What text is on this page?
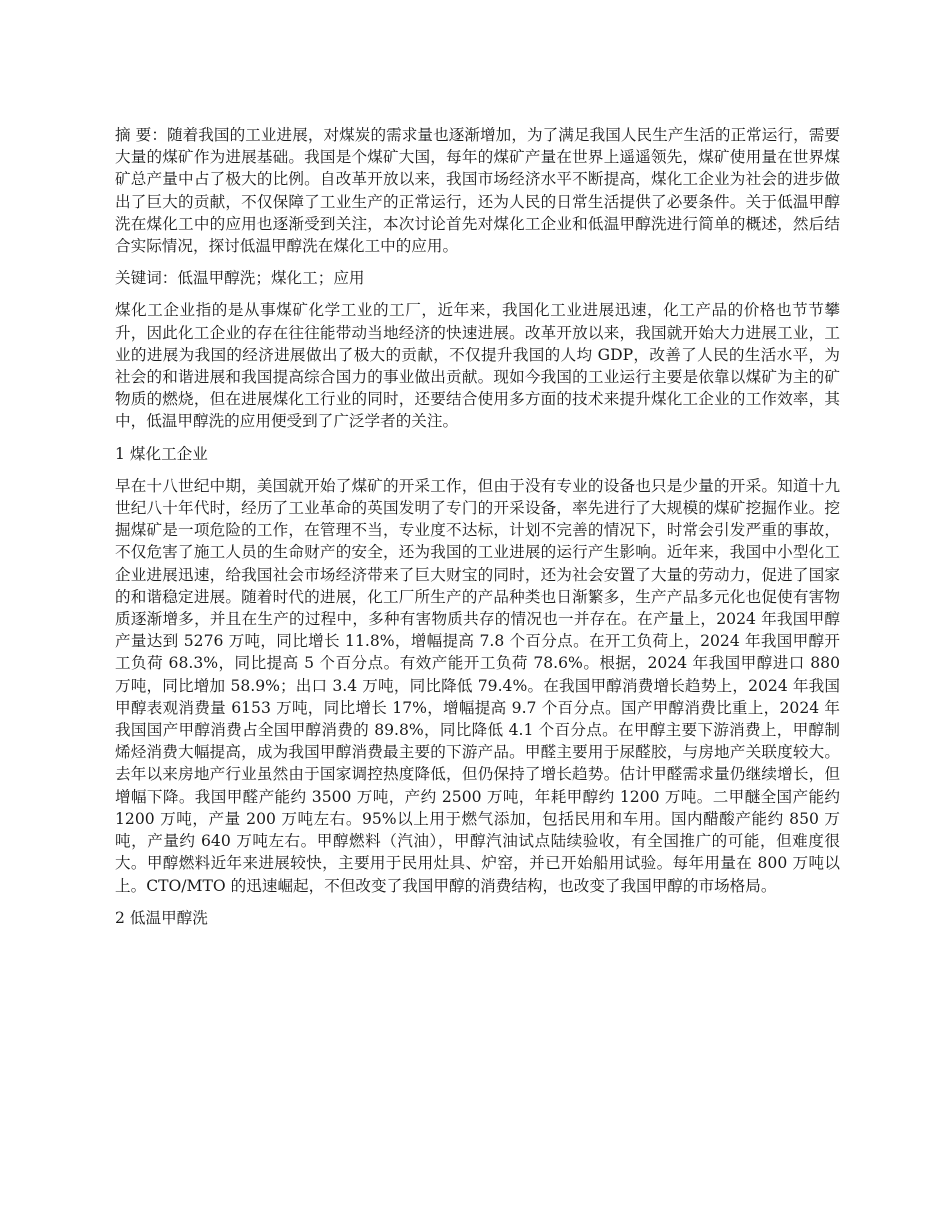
摘 要：随着我国的工业进展，对煤炭的需求量也逐渐增加，为了满足我国人民生产生活的正常运行，需要大量的煤矿作为进展基础。我国是个煤矿大国，每年的煤矿产量在世界上遥遥领先，煤矿使用量在世界煤矿总产量中占了极大的比例。自改革开放以来，我国市场经济水平不断提高，煤化工企业为社会的进步做出了巨大的贡献，不仅保障了工业生产的正常运行，还为人民的日常生活提供了必要条件。关于低温甲醇洗在煤化工中的应用也逐渐受到关注，本次讨论首先对煤化工企业和低温甲醇洗进行简单的概述，然后结合实际情况，探讨低温甲醇洗在煤化工中的应用。

关键词：低温甲醇洗；煤化工；应用

煤化工企业指的是从事煤矿化学工业的工厂，近年来，我国化工业进展迅速，化工产品的价格也节节攀升，因此化工企业的存在往往能带动当地经济的快速进展。改革开放以来，我国就开始大力进展工业，工业的进展为我国的经济进展做出了极大的贡献，不仅提升我国的人均 GDP，改善了人民的生活水平，为社会的和谐进展和我国提高综合国力的事业做出贡献。现如今我国的工业运行主要是依靠以煤矿为主的矿物质的燃烧，但在进展煤化工行业的同时，还要结合使用多方面的技术来提升煤化工企业的工作效率，其中，低温甲醇洗的应用便受到了广泛学者的关注。

1 煤化工企业

早在十八世纪中期，美国就开始了煤矿的开采工作，但由于没有专业的设备也只是少量的开采。知道十九世纪八十年代时，经历了工业革命的英国发明了专门的开采设备，率先进行了大规模的煤矿挖掘作业。挖掘煤矿是一项危险的工作，在管理不当，专业度不达标，计划不完善的情况下，时常会引发严重的事故，不仅危害了施工人员的生命财产的安全，还为我国的工业进展的运行产生影响。近年来，我国中小型化工企业进展迅速，给我国社会市场经济带来了巨大财宝的同时，还为社会安置了大量的劳动力，促进了国家的和谐稳定进展。随着时代的进展，化工厂所生产的产品种类也日渐繁多，生产产品多元化也促使有害物质逐渐增多，并且在生产的过程中，多种有害物质共存的情况也一并存在。在产量上，2024 年我国甲醇产量达到 5276 万吨，同比增长 11.8%，增幅提高 7.8 个百分点。在开工负荷上，2024 年我国甲醇开工负荷 68.3%，同比提高 5 个百分点。有效产能开工负荷 78.6%。根据，2024 年我国甲醇进口 880 万吨，同比增加 58.9%；出口 3.4 万吨，同比降低 79.4%。在我国甲醇消费增长趋势上，2024 年我国甲醇表观消费量 6153 万吨，同比增长 17%，增幅提高 9.7 个百分点。国产甲醇消费比重上，2024 年我国国产甲醇消费占全国甲醇消费的 89.8%，同比降低 4.1 个百分点。在甲醇主要下游消费上，甲醇制烯烃消费大幅提高，成为我国甲醇消费最主要的下游产品。甲醛主要用于尿醛胶，与房地产关联度较大。去年以来房地产行业虽然由于国家调控热度降低，但仍保持了增长趋势。估计甲醛需求量仍继续增长，但增幅下降。我国甲醛产能约 3500 万吨，产约 2500 万吨，年耗甲醇约 1200 万吨。二甲醚全国产能约 1200 万吨，产量 200 万吨左右。95%以上用于燃气添加，包括民用和车用。国内醋酸产能约 850 万吨，产量约 640 万吨左右。甲醇燃料（汽油），甲醇汽油试点陆续验收，有全国推广的可能，但难度很大。甲醇燃料近年来进展较快，主要用于民用灶具、炉窑，并已开始船用试验。每年用量在 800 万吨以上。CTO/MTO 的迅速崛起，不但改变了我国甲醇的消费结构，也改变了我国甲醇的市场格局。

2 低温甲醇洗
